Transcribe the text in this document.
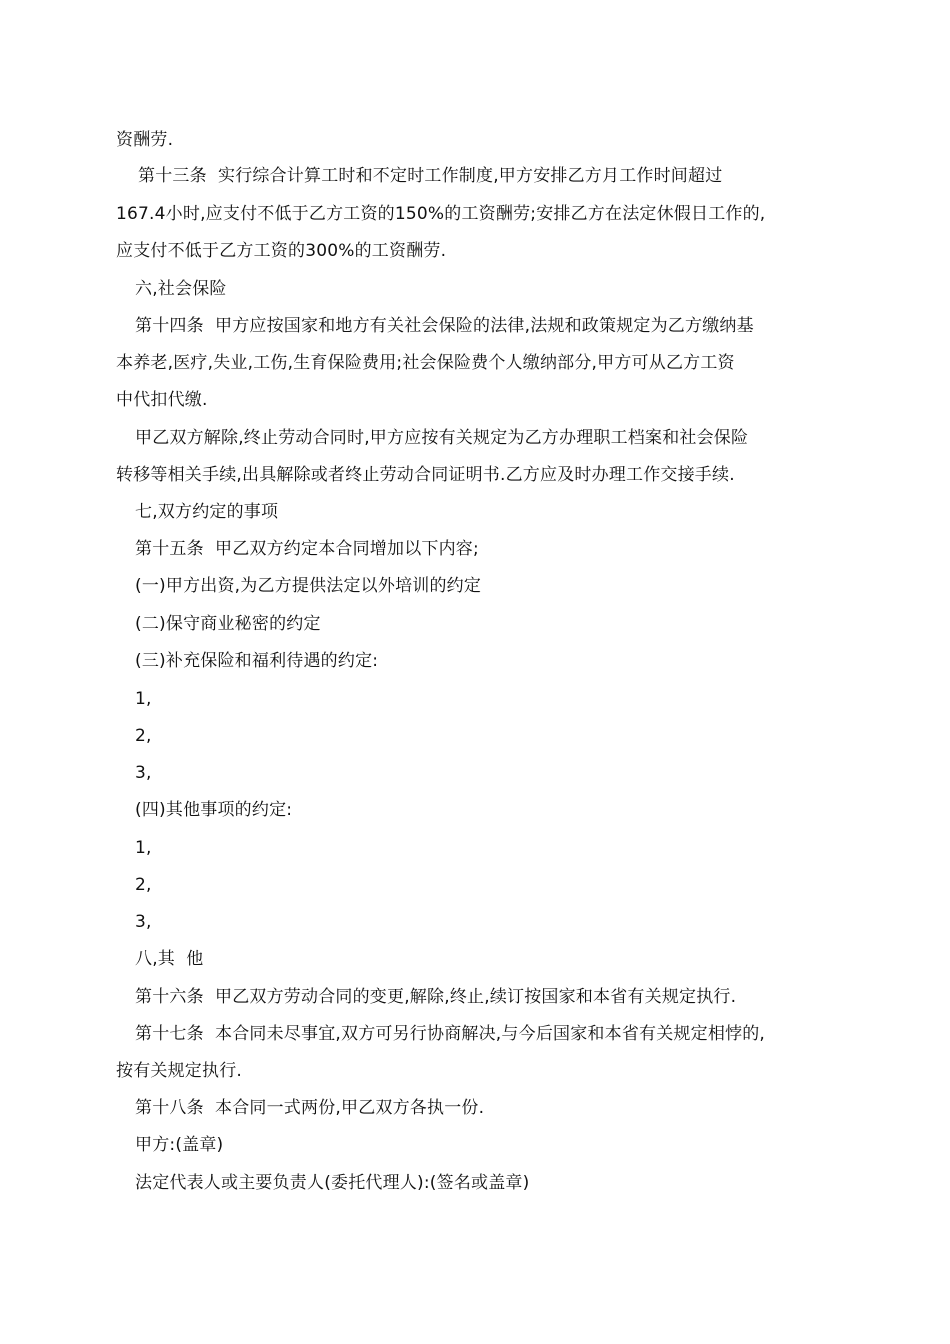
资酬劳.
第十三条  实行综合计算工时和不定时工作制度,甲方安排乙方月工作时间超过
167.4小时,应支付不低于乙方工资的150%的工资酬劳;安排乙方在法定休假日工作的,
应支付不低于乙方工资的300%的工资酬劳.
六,社会保险
第十四条  甲方应按国家和地方有关社会保险的法律,法规和政策规定为乙方缴纳基
本养老,医疗,失业,工伤,生育保险费用;社会保险费个人缴纳部分,甲方可从乙方工资
中代扣代缴.
甲乙双方解除,终止劳动合同时,甲方应按有关规定为乙方办理职工档案和社会保险
转移等相关手续,出具解除或者终止劳动合同证明书.乙方应及时办理工作交接手续.
七,双方约定的事项
第十五条  甲乙双方约定本合同增加以下内容;
(一)甲方出资,为乙方提供法定以外培训的约定
(二)保守商业秘密的约定
(三)补充保险和福利待遇的约定:
1,
2,
3,
(四)其他事项的约定:
1,
2,
3,
八,其  他
第十六条  甲乙双方劳动合同的变更,解除,终止,续订按国家和本省有关规定执行.
第十七条  本合同未尽事宜,双方可另行协商解决,与今后国家和本省有关规定相悖的,
按有关规定执行.
第十八条  本合同一式两份,甲乙双方各执一份.
甲方:(盖章)
法定代表人或主要负责人(委托代理人):(签名或盖章)
